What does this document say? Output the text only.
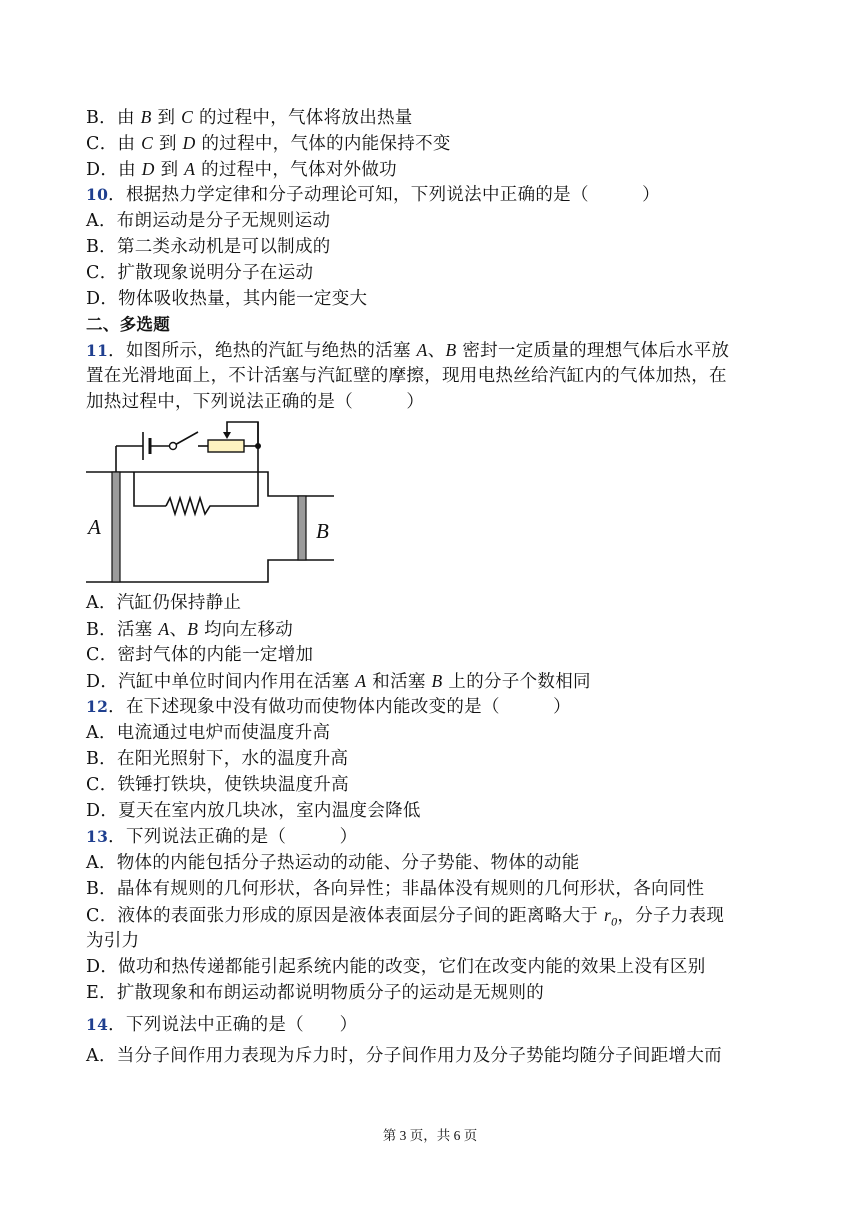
B．由 B 到 C 的过程中，气体将放出热量
C．由 C 到 D 的过程中，气体的内能保持不变
D．由 D 到 A 的过程中，气体对外做功
10．根据热力学定律和分子动理论可知，下列说法中正确的是（　　　）
A．布朗运动是分子无规则运动
B．第二类永动机是可以制成的
C．扩散现象说明分子在运动
D．物体吸收热量，其内能一定变大
二、多选题
11．如图所示，绝热的汽缸与绝热的活塞 A、B 密封一定质量的理想气体后水平放
置在光滑地面上，不计活塞与汽缸壁的摩擦，现用电热丝给汽缸内的气体加热，在
加热过程中，下列说法正确的是（　　　）
A	B
A．汽缸仍保持静止
B．活塞 A、B 均向左移动
C．密封气体的内能一定增加
D．汽缸中单位时间内作用在活塞 A 和活塞 B 上的分子个数相同
12．在下述现象中没有做功而使物体内能改变的是（　　　）
A．电流通过电炉而使温度升高
B．在阳光照射下，水的温度升高
C．铁锤打铁块，使铁块温度升高
D．夏天在室内放几块冰，室内温度会降低
13．下列说法正确的是（　　　）
A．物体的内能包括分子热运动的动能、分子势能、物体的动能
B．晶体有规则的几何形状，各向异性；非晶体没有规则的几何形状，各向同性
C．液体的表面张力形成的原因是液体表面层分子间的距离略大于 $r_0$，分子力表现
为引力
D．做功和热传递都能引起系统内能的改变，它们在改变内能的效果上没有区别
E．扩散现象和布朗运动都说明物质分子的运动是无规则的
14．下列说法中正确的是（　　）
A．当分子间作用力表现为斥力时，分子间作用力及分子势能均随分子间距增大而
第 3 页，共 6 页
